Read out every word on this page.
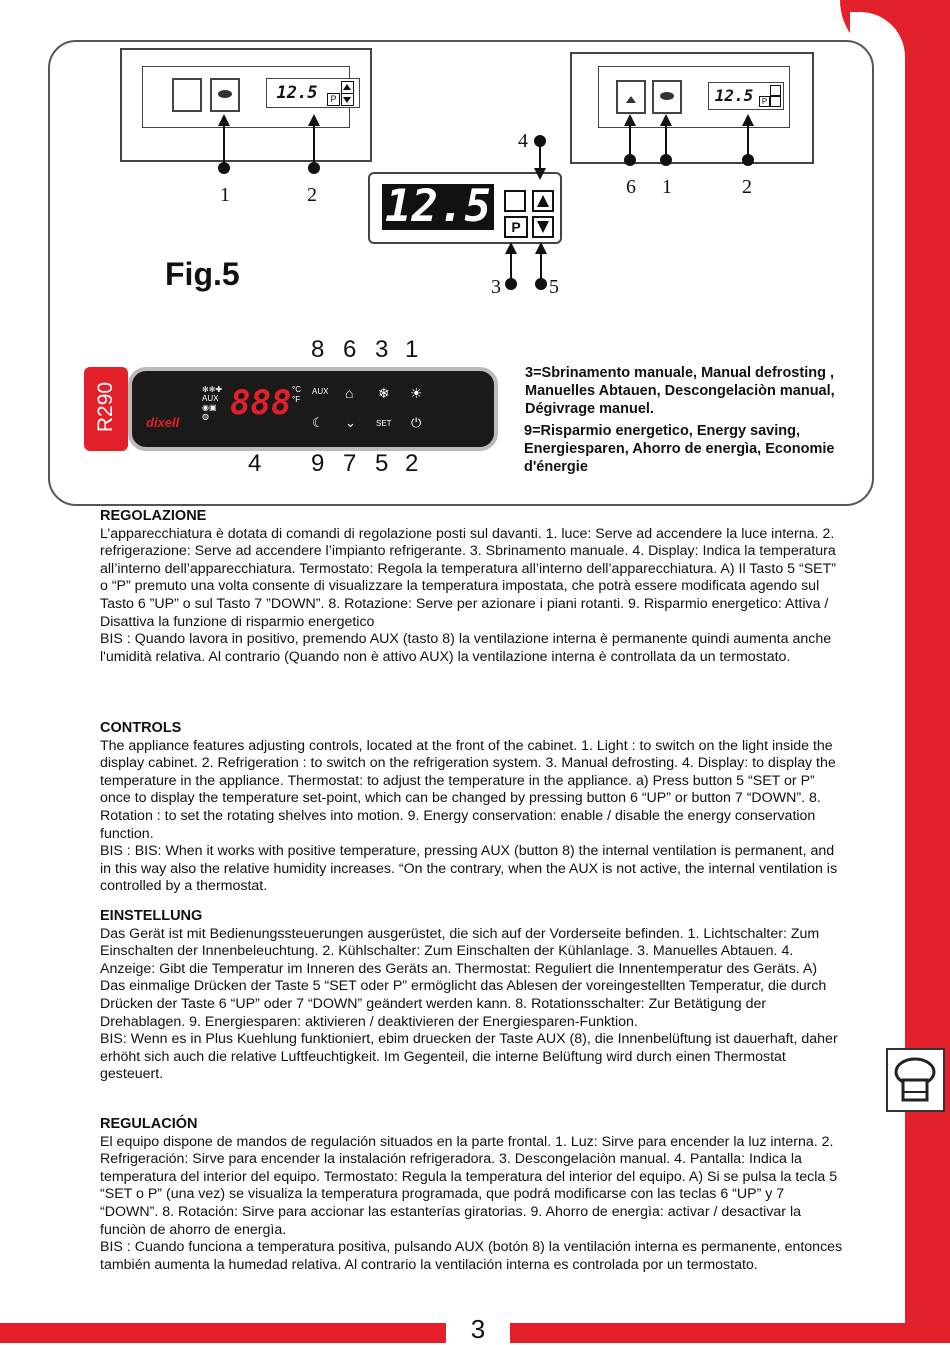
3
12.5	P
1	2 12.5	P
4
3 5
12.5	P
6 1	2
Fig.5
8 6 3 1
R290 dixell
✻✻✚
AUX
◉▣
◍ 888 °C
°F
AUX ⌂ ❄ ☀
☾ ⌄	SET ⏻
4 9 7 5 2
3=Sbrinamento manuale, Manual defrosting , Manuelles Abtauen, Descongelaciòn manual, Dégivrage manuel.
9=Risparmio energetico, Energy saving, Energiesparen, Ahorro de energìa, Economie d'énergie
REGOLAZIONE

L’apparecchiatura è dotata di comandi di regolazione posti sul davanti. 1. luce: Serve ad accendere la luce interna. 2. refrigerazione: Serve ad accendere l’impianto refrigerante. 3. Sbrinamento manuale. 4. Display: Indica la temperatura all’interno dell’apparecchiatura. Termostato: Regola la temperatura all’interno dell’apparecchiatura. A) Il Tasto 5 “SET” o “P” premuto una volta consente di visualizzare la temperatura impostata, che potrà essere modificata agendo sul Tasto 6 ”UP” o sul Tasto 7 ”DOWN”. 8. Rotazione: Serve per azionare i piani rotanti. 9. Risparmio energetico: Attiva / Disattiva la funzione di risparmio energetico

BIS : Quando lavora in positivo, premendo AUX (tasto 8) la ventilazione interna è permanente quindi aumenta anche l'umidità relativa. Al contrario (Quando non è attivo AUX) la ventilazione interna è controllata da un termostato.

CONTROLS

The appliance features adjusting controls, located at the front of the cabinet. 1. Light : to switch on the light inside the display cabinet. 2. Refrigeration : to switch on the refrigeration system. 3. Manual defrosting. 4. Display: to display the temperature in the appliance. Thermostat: to adjust the temperature in the appliance. a) Press button 5 “SET or P” once to display the temperature set-point, which can be changed by pressing button 6 “UP” or button 7 “DOWN”. 8. Rotation : to set the rotating shelves into motion. 9. Energy conservation: enable / disable the energy conservation function.

BIS : BIS: When it works with positive temperature, pressing AUX (button 8) the internal ventilation is permanent, and in this way also the relative humidity increases. “On the contrary, when the AUX is not active, the internal ventilation is controlled by a thermostat.

EINSTELLUNG

Das Gerät ist mit Bedienungssteuerungen ausgerüstet, die sich auf der Vorderseite befinden. 1. Lichtschalter: Zum Einschalten der Innenbeleuchtung. 2. Kühlschalter: Zum Einschalten der Kühlanlage. 3. Manuelles Abtauen. 4. Anzeige: Gibt die Temperatur im Inneren des Geräts an. Thermostat: Reguliert die Innentemperatur des Geräts. A) Das einmalige Drücken der Taste 5 “SET oder P” ermöglicht das Ablesen der voreingestellten Temperatur, die durch Drücken der Taste 6 “UP” oder 7 “DOWN” geändert werden kann. 8. Rotationsschalter: Zur Betätigung der Drehablagen. 9. Energiesparen: aktivieren / deaktivieren der Energiesparen-Funktion.

BIS: Wenn es in Plus Kuehlung funktioniert, ebim druecken der Taste AUX (8), die Innenbelüftung ist dauerhaft, daher erhöht sich auch die relative Luftfeuchtigkeit. Im Gegenteil, die interne Belüftung wird durch einen Thermostat gesteuert.

REGULACIÓN

El equipo dispone de mandos de regulación situados en la parte frontal. 1. Luz: Sirve para encender la luz interna. 2. Refrigeración: Sirve para encender la instalación refrigeradora. 3. Descongelaciòn manual. 4. Pantalla: Indica la temperatura del interior del equipo. Termostato: Regula la temperatura del interior del equipo. A) Si se pulsa la tecla 5 “SET o P” (una vez) se visualiza la temperatura programada, que podrá modificarse con las teclas 6 “UP” y 7 “DOWN”. 8. Rotación: Sirve para accionar las estanterías giratorias. 9. Ahorro de energìa: activar / desactivar la funciòn de ahorro de energìa.

BIS : Cuando funciona a temperatura positiva, pulsando AUX (botón 8) la ventilación interna es permanente, entonces también aumenta la humedad relativa. Al contrario la ventilación interna es controlada por un termostato.
